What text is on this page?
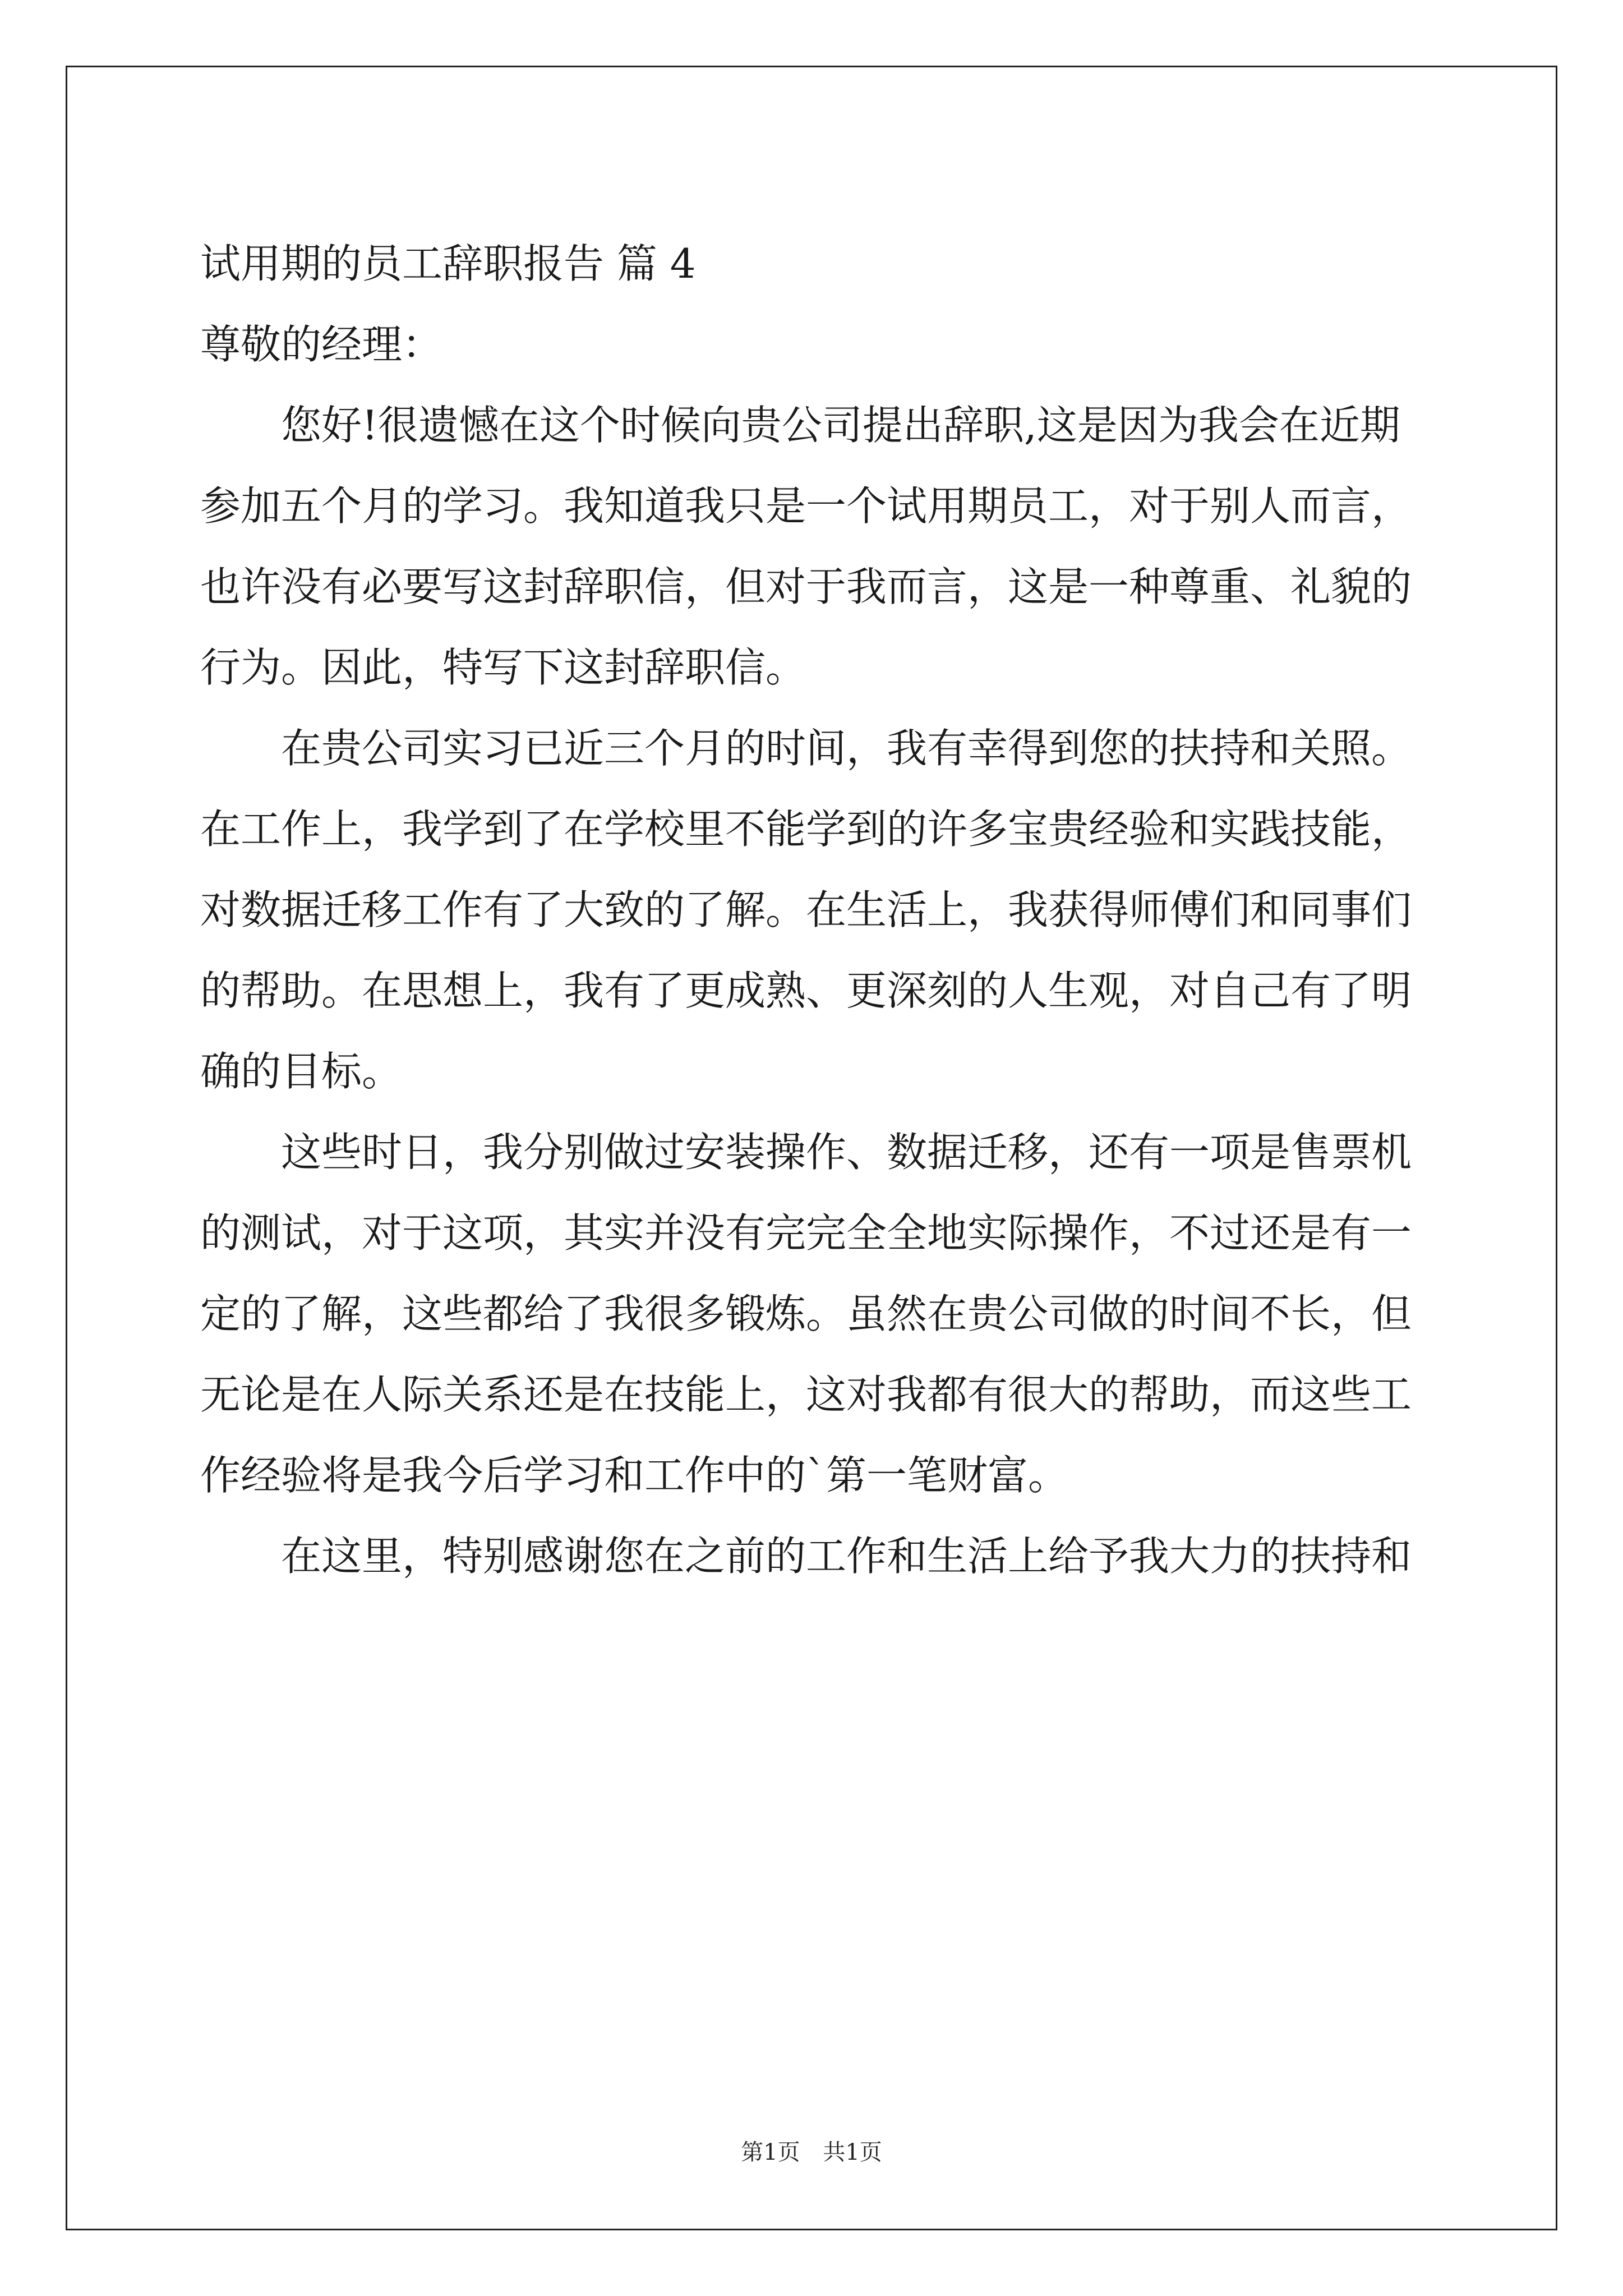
试用期的员工辞职报告 篇 4
尊敬的经理：
您好!很遗憾在这个时候向贵公司提出辞职,这是因为我会在近期
参加五个月的学习。我知道我只是一个试用期员工，对于别人而言，
也许没有必要写这封辞职信，但对于我而言，这是一种尊重、礼貌的
行为。因此，特写下这封辞职信。
在贵公司实习已近三个月的时间，我有幸得到您的扶持和关照。
在工作上，我学到了在学校里不能学到的许多宝贵经验和实践技能，
对数据迁移工作有了大致的了解。在生活上，我获得师傅们和同事们
的帮助。在思想上，我有了更成熟、更深刻的人生观，对自己有了明
确的目标。
这些时日，我分别做过安装操作、数据迁移，还有一项是售票机
的测试，对于这项，其实并没有完完全全地实际操作，不过还是有一
定的了解，这些都给了我很多锻炼。虽然在贵公司做的时间不长，但
无论是在人际关系还是在技能上，这对我都有很大的帮助，而这些工
作经验将是我今后学习和工作中的`第一笔财富。
在这里，特别感谢您在之前的工作和生活上给予我大力的扶持和
第1页 共1页
